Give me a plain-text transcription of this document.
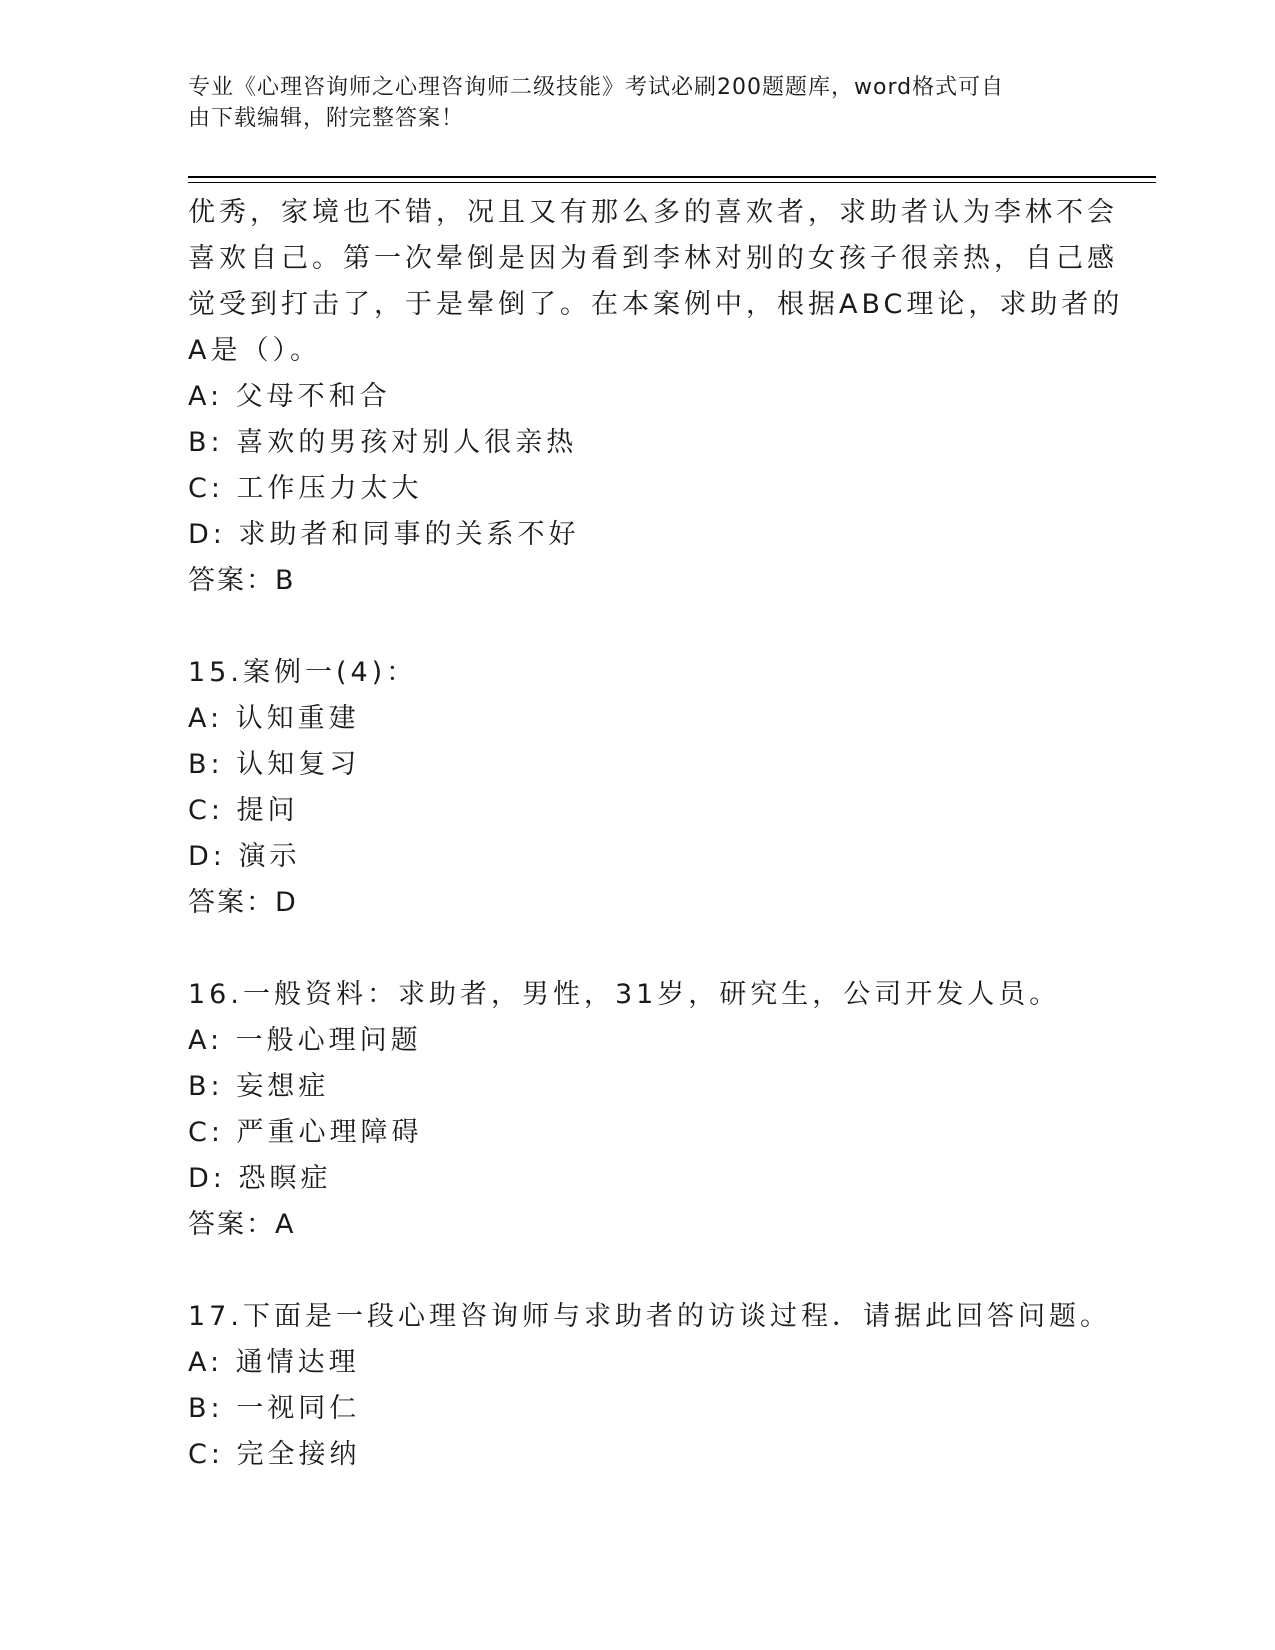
专业《心理咨询师之心理咨询师二级技能》考试必刷200题题库，word格式可自
由下载编辑，附完整答案！
优秀，家境也不错，况且又有那么多的喜欢者，求助者认为李林不会
喜欢自己。第一次晕倒是因为看到李林对别的女孩子很亲热，自己感
觉受到打击了，于是晕倒了。在本案例中，根据ABC理论，求助者的
A是（）。
A: 父母不和合
B: 喜欢的男孩对别人很亲热
C: 工作压力太大
D: 求助者和同事的关系不好
答案：B
15.案例一(4)：
A: 认知重建
B: 认知复习
C: 提问
D: 演示
答案：D
16.一般资料：求助者，男性，31岁，研究生，公司开发人员。
A: 一般心理问题
B: 妄想症
C: 严重心理障碍
D: 恐瞑症
答案：A
17.下面是一段心理咨询师与求助者的访谈过程．请据此回答问题。
A: 通情达理
B: 一视同仁
C: 完全接纳
